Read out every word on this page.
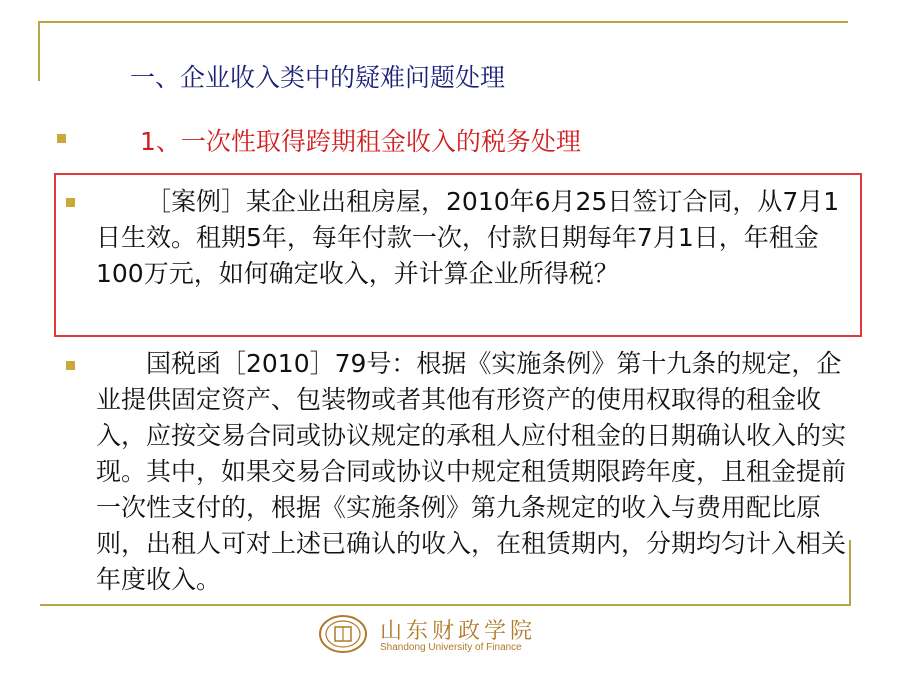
一、企业收入类中的疑难问题处理
1、一次性取得跨期租金收入的税务处理
［案例］某企业出租房屋，2010年6月25日签订合同，从7月1日生效。租期5年，每年付款一次，付款日期每年7月1日，年租金100万元，如何确定收入，并计算企业所得税？
国税函［2010］79号：根据《实施条例》第十九条的规定，企业提供固定资产、包装物或者其他有形资产的使用权取得的租金收入，应按交易合同或协议规定的承租人应付租金的日期确认收入的实现。其中，如果交易合同或协议中规定租赁期限跨年度，且租金提前一次性支付的，根据《实施条例》第九条规定的收入与费用配比原则，出租人可对上述已确认的收入，在租赁期内，分期均匀计入相关年度收入。
山东财政学院
Shandong University of Finance
